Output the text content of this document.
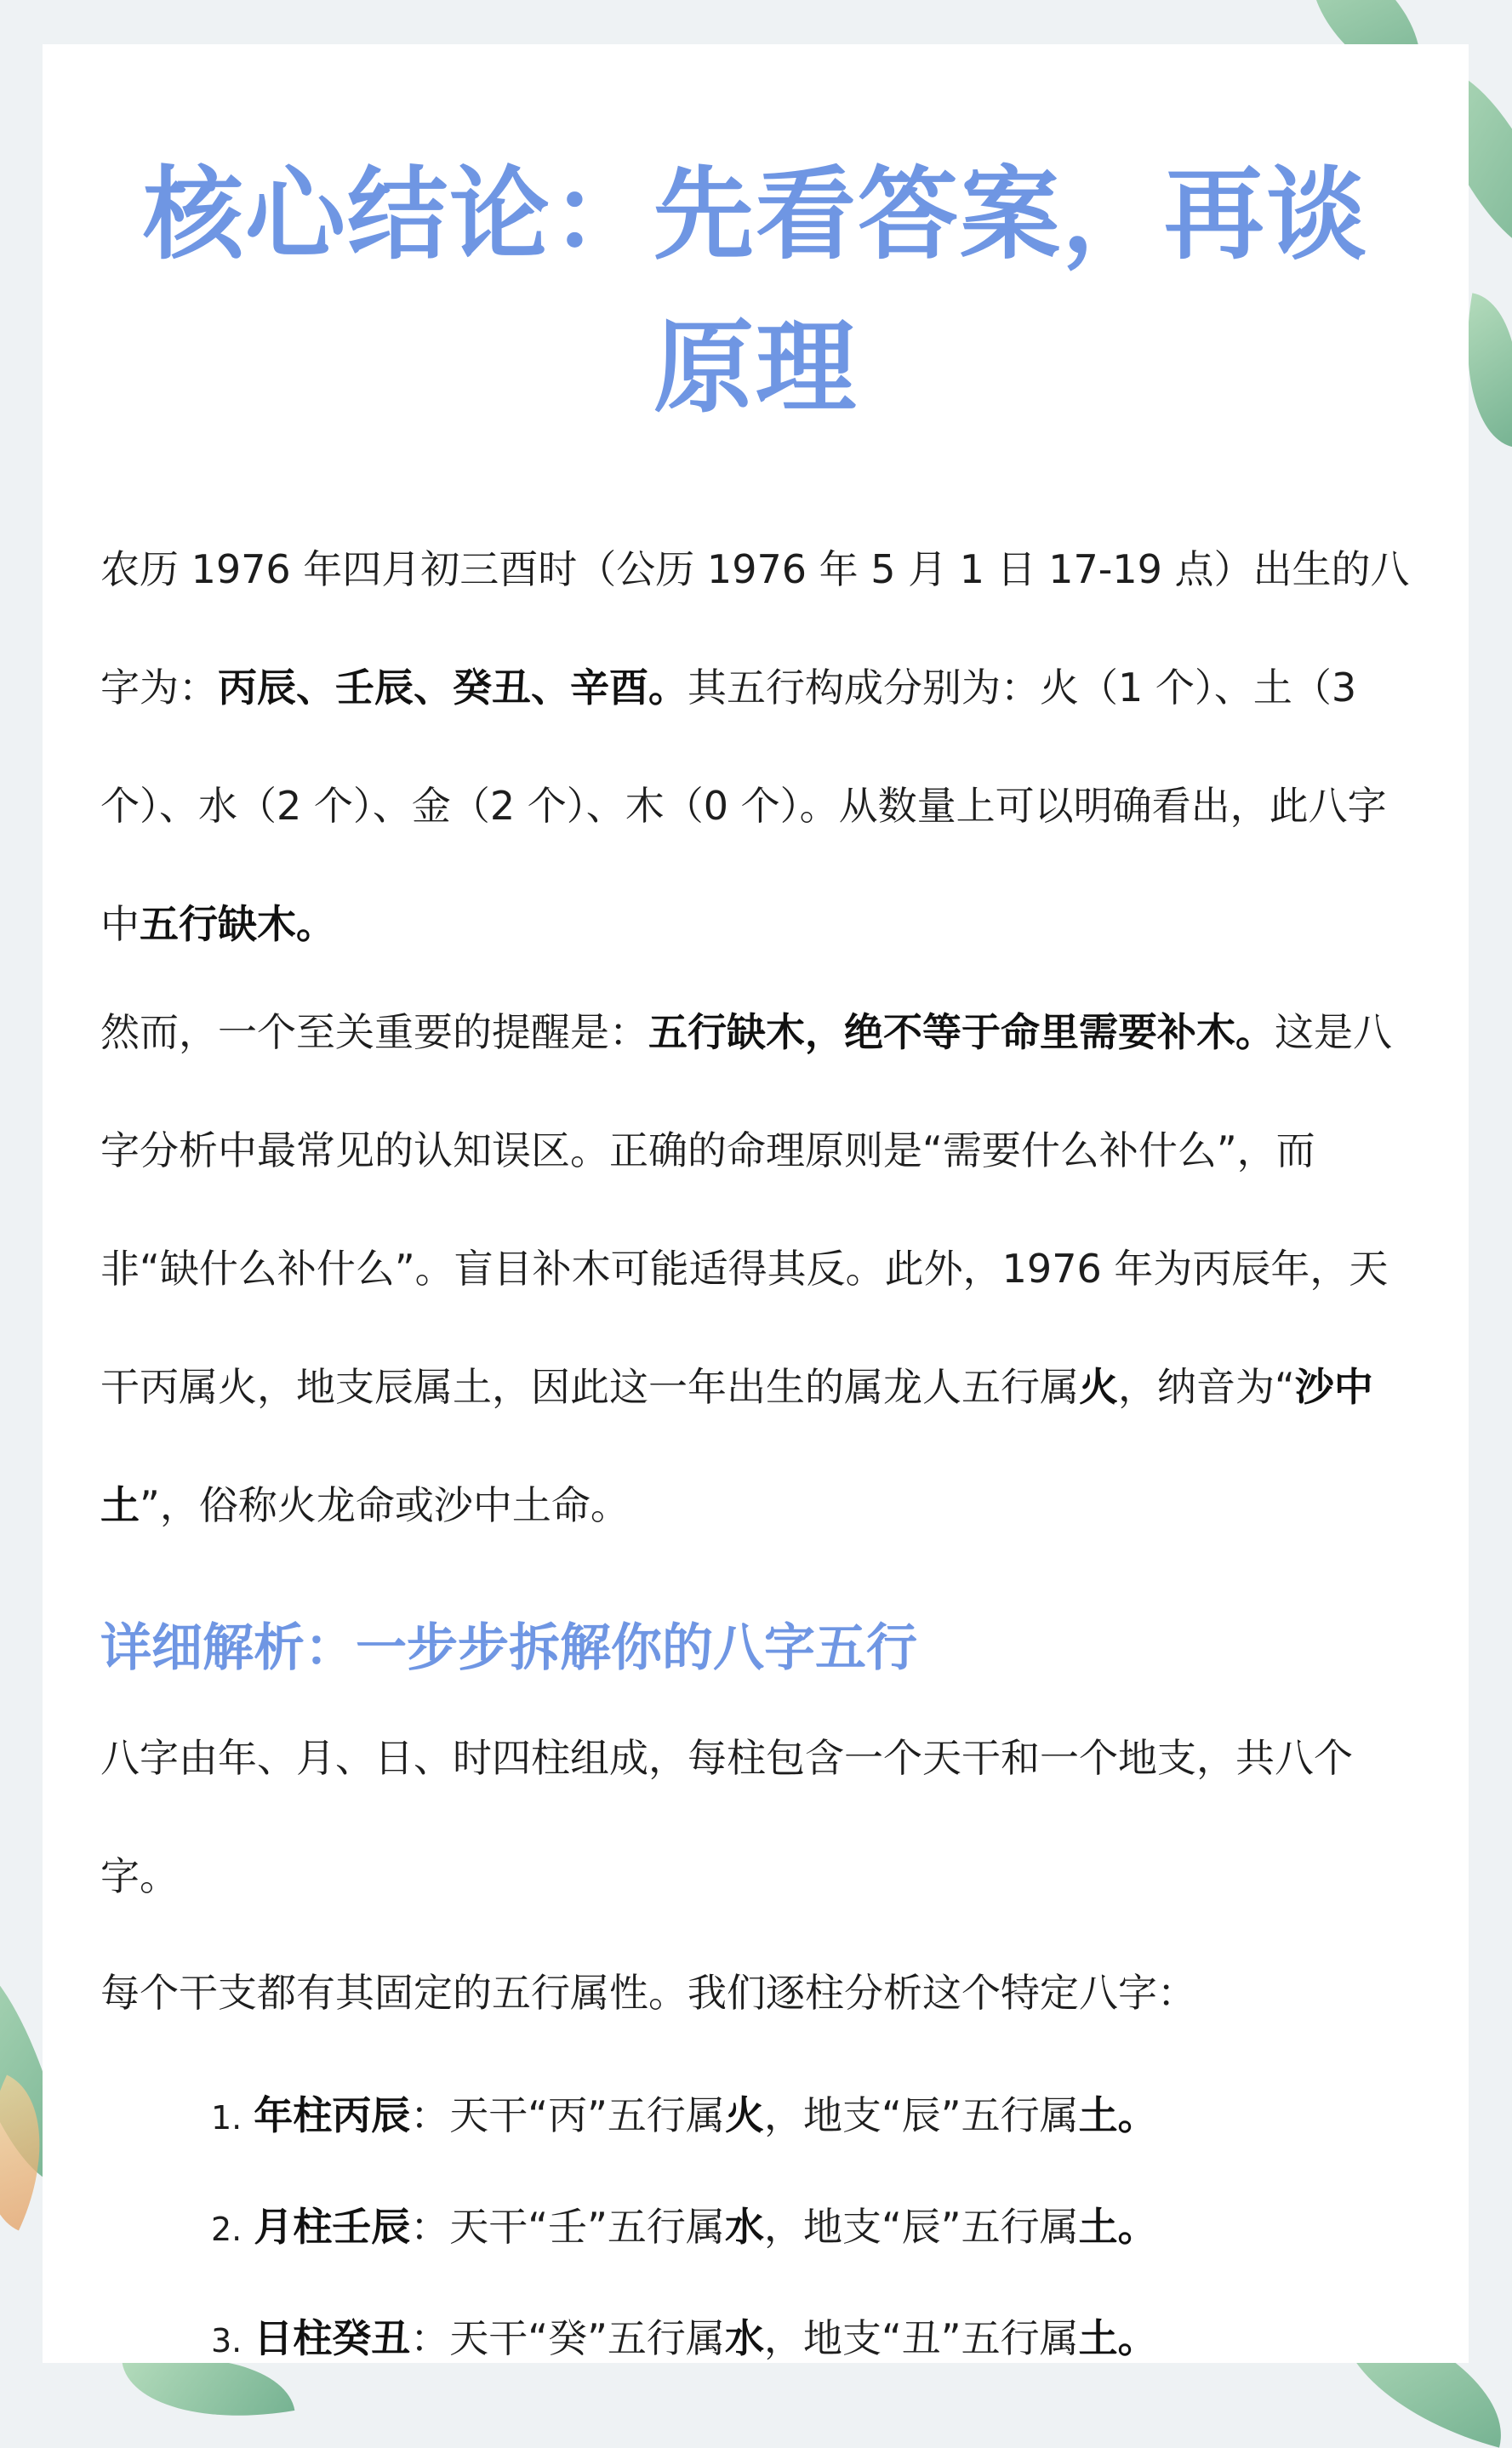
核心结论：先看答案，再谈原理

农历 1976 年四月初三酉时（公历 1976 年 5 月 1 日 17-19 点）出生的八字为：丙辰、壬辰、癸丑、辛酉。其五行构成分别为：火（1 个）、土（3 个）、水（2 个）、金（2 个）、木（0 个）。从数量上可以明确看出，此八字中五行缺木。

然而，一个至关重要的提醒是：五行缺木，绝不等于命里需要补木。这是八字分析中最常见的认知误区。正确的命理原则是“需要什么补什么”，而非“缺什么补什么”。盲目补木可能适得其反。此外，1976 年为丙辰年，天干丙属火，地支辰属土，因此这一年出生的属龙人五行属火，纳音为“沙中土”，俗称火龙命或沙中土命。

详细解析：一步步拆解你的八字五行

八字由年、月、日、时四柱组成，每柱包含一个天干和一个地支，共八个字。

每个干支都有其固定的五行属性。我们逐柱分析这个特定八字：

1. 年柱丙辰：天干“丙”五行属火，地支“辰”五行属土。
2. 月柱壬辰：天干“壬”五行属水，地支“辰”五行属土。
3. 日柱癸丑：天干“癸”五行属水，地支“丑”五行属土。
